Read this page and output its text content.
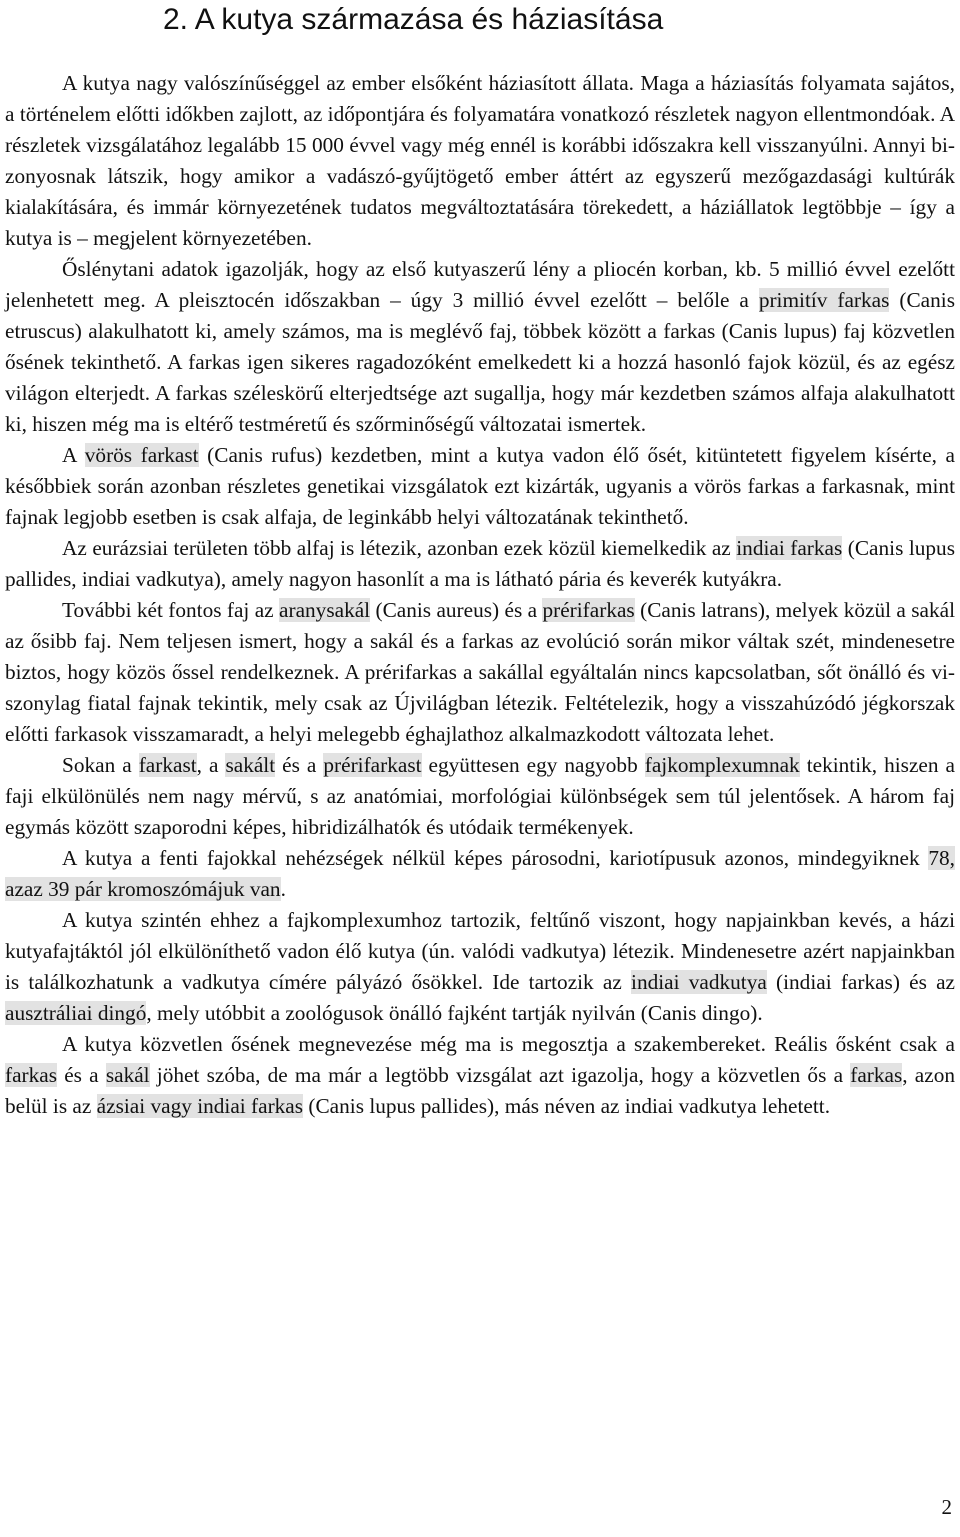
2. A kutya származása és háziasítása

A kutya nagy valószínűséggel az ember elsőként háziasított állata. Maga a háziasítás folyamata sajátos, a történelem előtti időkben zajlott, az időpontjára és folyamatára vonatkozó részletek nagyon ellentmondóak. A részletek vizsgálatához legalább 15 000 évvel vagy még ennél is korábbi időszakra kell visszanyúlni. Annyi bizonyosnak látszik, hogy amikor a vadászó-gyűjtögető ember áttért az egyszerű mezőgazdasági kultúrák kialakítására, és immár környezetének tudatos megváltoztatására törekedett, a háziállatok legtöbbje – így a kutya is – megjelent környezetében.

Őslénytani adatok igazolják, hogy az első kutyaszerű lény a pliocén korban, kb. 5 millió évvel ezelőtt jelenhetett meg. A pleisztocén időszakban – úgy 3 millió évvel ezelőtt – belőle a primitív farkas (Canis etruscus) alakulhatott ki, amely számos, ma is meglévő faj, többek között a farkas (Canis lupus) faj közvetlen ősének tekinthető. A farkas igen sikeres ragadozóként emelkedett ki a hozzá hasonló fajok közül, és az egész világon elterjedt. A farkas széleskörű elterjedtsége azt sugallja, hogy már kezdetben számos alfaja alakulhatott ki, hiszen még ma is eltérő testméretű és szőrminőségű változatai ismertek.

A vörös farkast (Canis rufus) kezdetben, mint a kutya vadon élő ősét, kitüntetett figyelem kísérte, a későbbiek során azonban részletes genetikai vizsgálatok ezt kizárták, ugyanis a vörös farkas a farkasnak, mint fajnak legjobb esetben is csak alfaja, de leginkább helyi változatának tekinthető.

Az eurázsiai területen több alfaj is létezik, azonban ezek közül kiemelkedik az indiai farkas (Canis lupus pallides, indiai vadkutya), amely nagyon hasonlít a ma is látható pária és keverék kutyákra.

További két fontos faj az aranysakál (Canis aureus) és a prérifarkas (Canis latrans), melyek közül a sakál az ősibb faj. Nem teljesen ismert, hogy a sakál és a farkas az evolúció során mikor váltak szét, mindenesetre biztos, hogy közös őssel rendelkeznek. A prérifarkas a sakállal egyáltalán nincs kapcsolatban, sőt önálló és viszonylag fiatal fajnak tekintik, mely csak az Újvilágban létezik. Feltételezik, hogy a visszahúzódó jégkorszak előtti farkasok visszamaradt, a helyi melegebb éghajlathoz alkalmazkodott változata lehet.

Sokan a farkast, a sakált és a prérifarkast együttesen egy nagyobb fajkomplexumnak tekintik, hiszen a faji elkülönülés nem nagy mérvű, s az anatómiai, morfológiai különbségek sem túl jelentősek. A három faj egymás között szaporodni képes, hibridizálhatók és utódaik termékenyek.

A kutya a fenti fajokkal nehézségek nélkül képes párosodni, kariotípusuk azonos, mindegyiknek 78, azaz 39 pár kromoszómájuk van.

A kutya szintén ehhez a fajkomplexumhoz tartozik, feltűnő viszont, hogy napjainkban kevés, a házi kutyafajtáktól jól elkülöníthető vadon élő kutya (ún. valódi vadkutya) létezik. Mindenesetre azért napjainkban is találkozhatunk a vadkutya címére pályázó ősökkel. Ide tartozik az indiai vadkutya (indiai farkas) és az ausztráliai dingó, mely utóbbit a zoológusok önálló fajként tartják nyilván (Canis dingo).

A kutya közvetlen ősének megnevezése még ma is megosztja a szakembereket. Reális ősként csak a farkas és a sakál jöhet szóba, de ma már a legtöbb vizsgálat azt igazolja, hogy a közvetlen ős a farkas, azon belül is az ázsiai vagy indiai farkas (Canis lupus pallides), más néven az indiai vadkutya lehetett.

2
